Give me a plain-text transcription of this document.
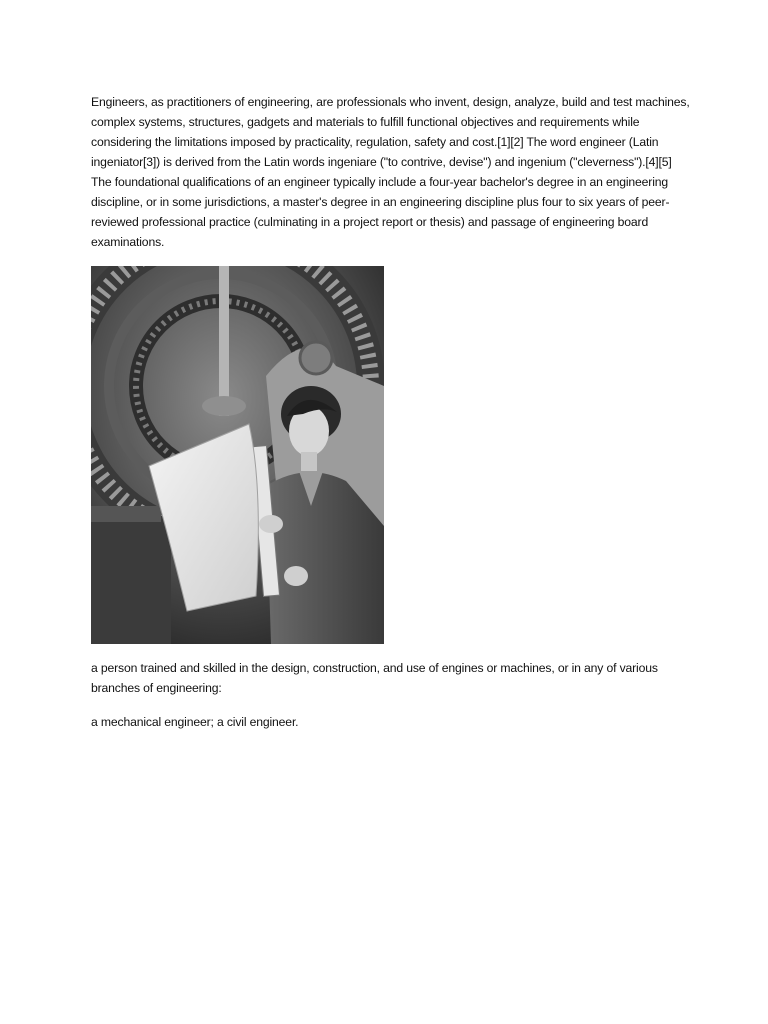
Engineers, as practitioners of engineering, are professionals who invent, design, analyze, build and test machines, complex systems, structures, gadgets and materials to fulfill functional objectives and requirements while considering the limitations imposed by practicality, regulation, safety and cost.[1][2] The word engineer (Latin ingeniator[3]) is derived from the Latin words ingeniare ("to contrive, devise") and ingenium ("cleverness").[4][5] The foundational qualifications of an engineer typically include a four-year bachelor's degree in an engineering discipline, or in some jurisdictions, a master's degree in an engineering discipline plus four to six years of peer-reviewed professional practice (culminating in a project report or thesis) and passage of engineering board examinations.

a person trained and skilled in the design, construction, and use of engines or machines, or in any of various branches of engineering:

a mechanical engineer; a civil engineer.
